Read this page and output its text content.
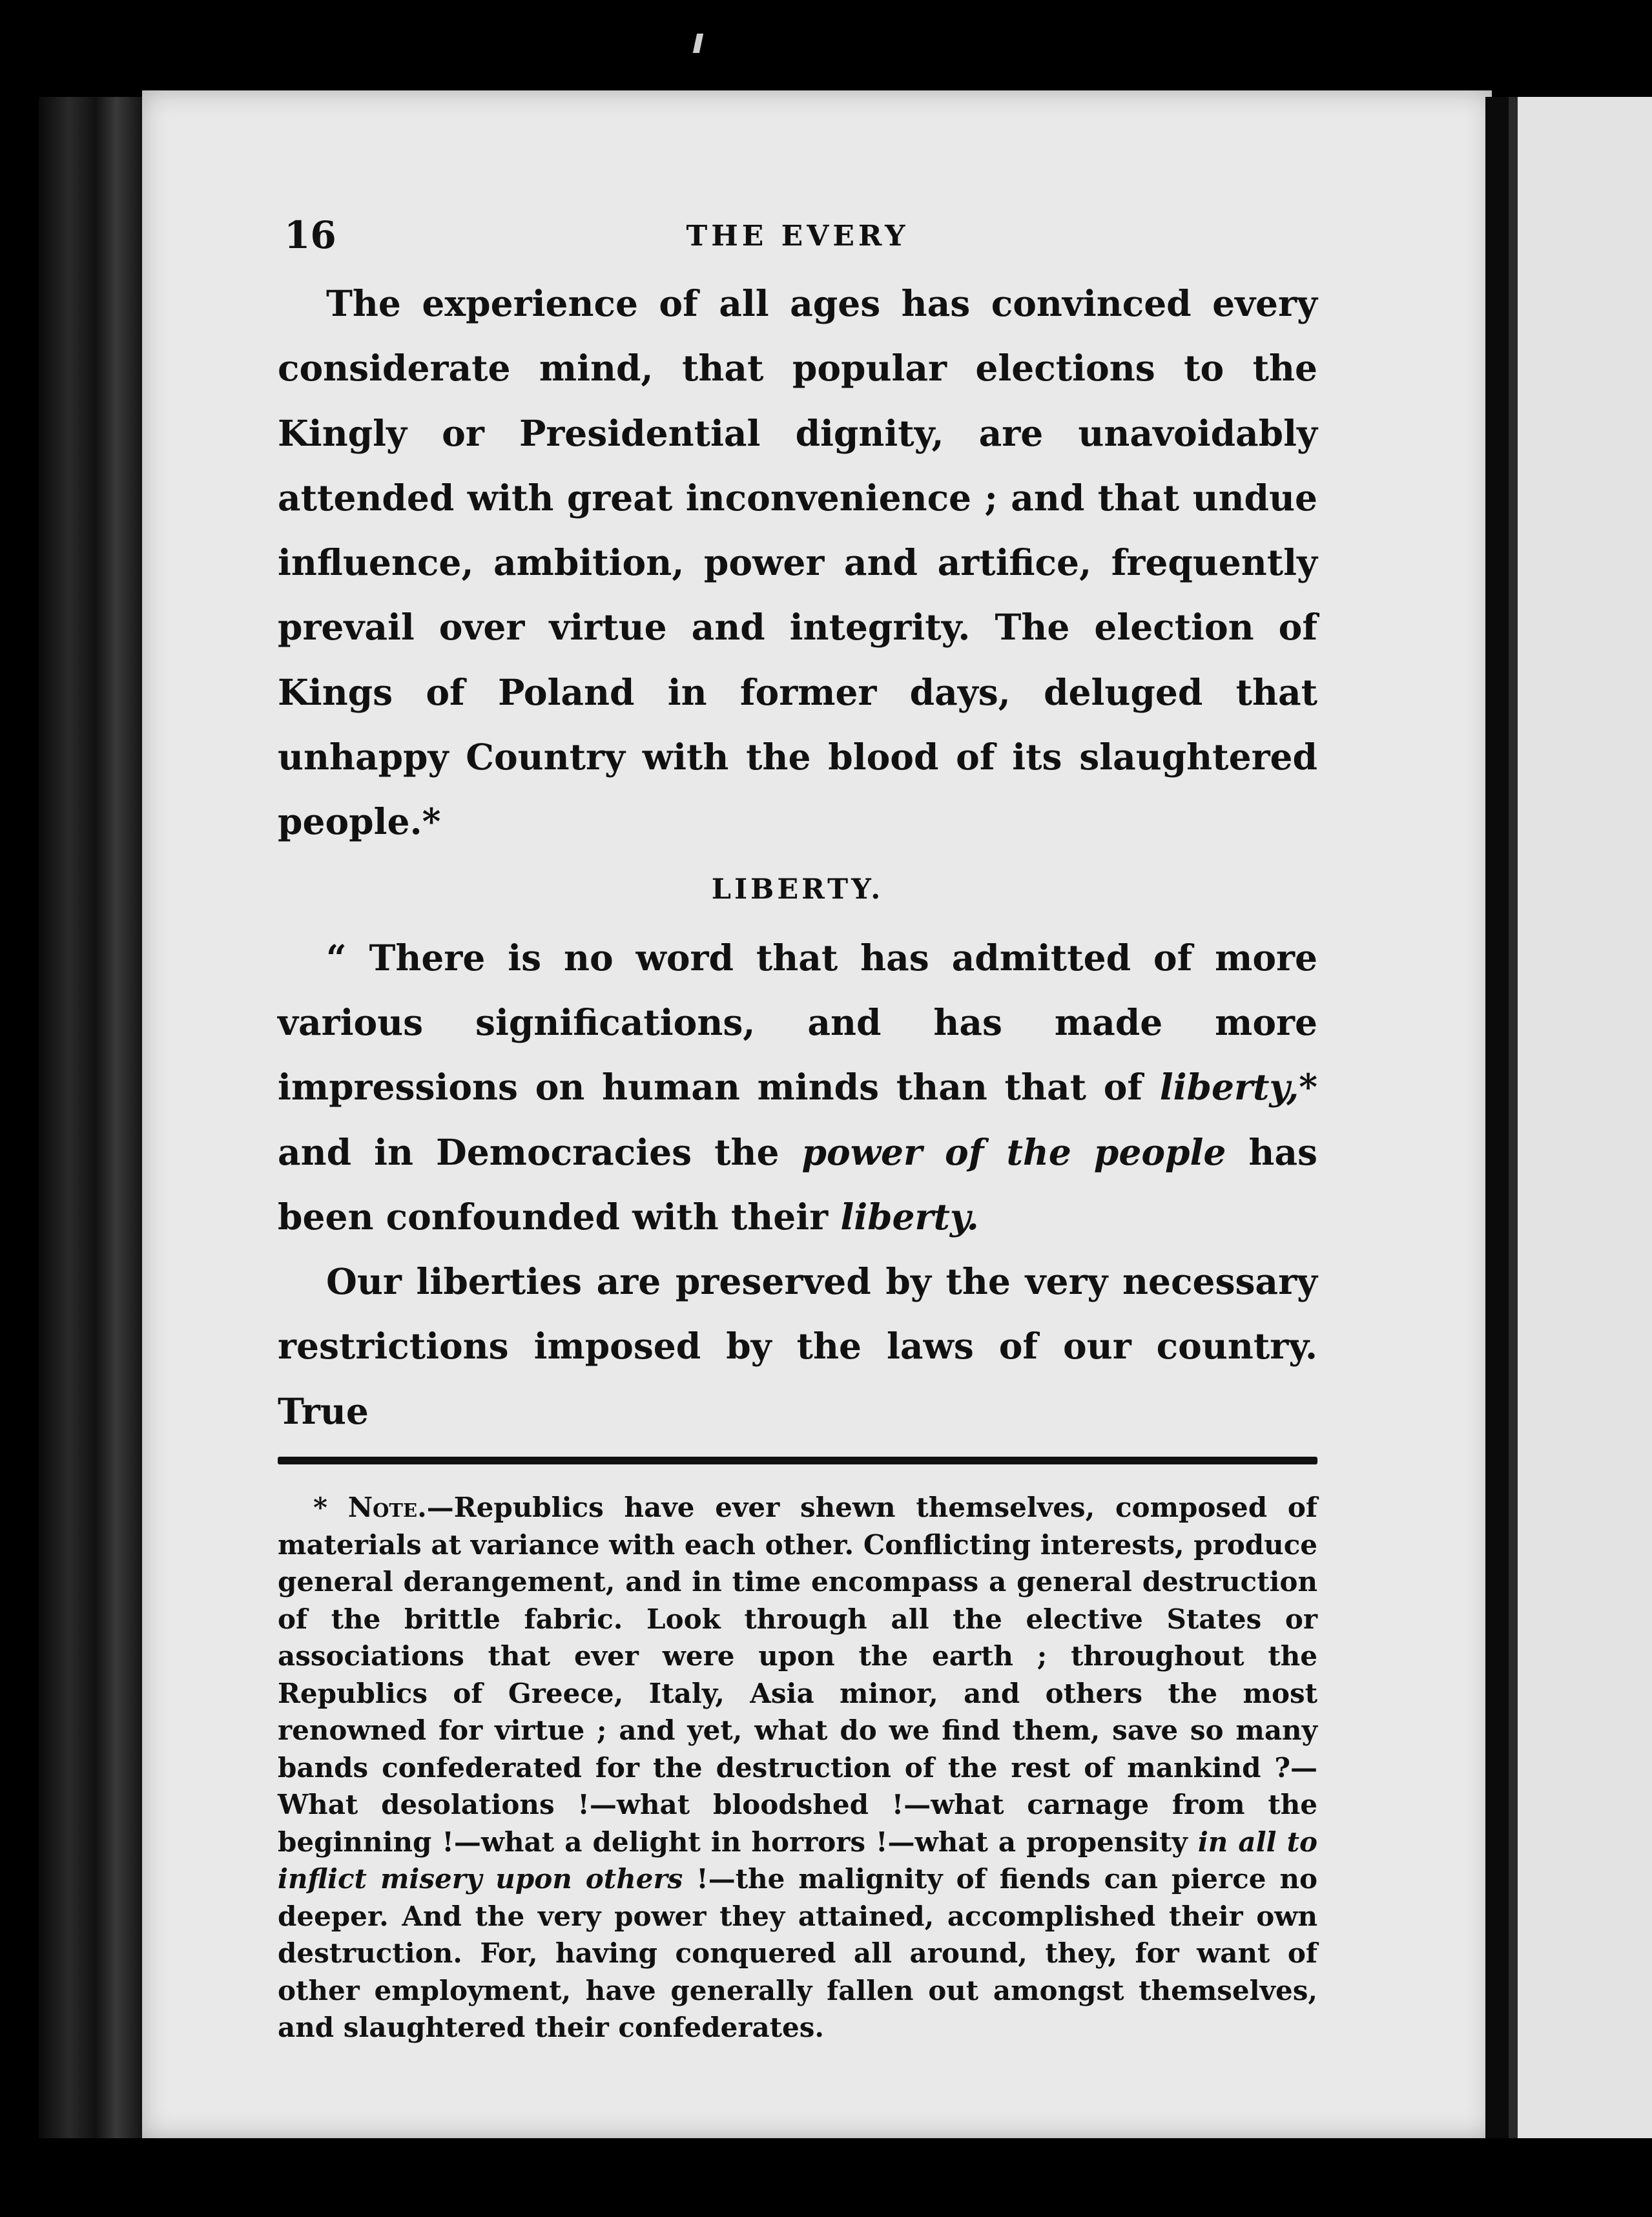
16	THE EVERY

The experience of all ages has convinced every considerate mind, that popular elections to the Kingly or Presidential dignity, are unavoidably attended with great inconvenience ; and that undue influence, ambition, power and artifice, frequently prevail over virtue and integrity. The election of Kings of Poland in former days, deluged that unhappy Country with the blood of its slaughtered people.*

LIBERTY.

“ There is no word that has admitted of more various significations, and has made more impressions on human minds than that of liberty,* and in Democracies the power of the people has been confounded with their liberty.

Our liberties are preserved by the very necessary restrictions imposed by the laws of our country. True

* Note.—Republics have ever shewn themselves, composed of materials at variance with each other. Conflicting interests, produce general derangement, and in time encompass a general destruction of the brittle fabric. Look through all the elective States or associations that ever were upon the earth ; throughout the Republics of Greece, Italy, Asia minor, and others the most renowned for virtue ; and yet, what do we find them, save so many bands confederated for the destruction of the rest of mankind ?—What desolations !—what bloodshed !—what carnage from the beginning !—what a delight in horrors !—what a propensity in all to inflict misery upon others !—the malignity of fiends can pierce no deeper. And the very power they attained, accomplished their own destruction. For, having conquered all around, they, for want of other employment, have generally fallen out amongst themselves, and slaughtered their confederates.
